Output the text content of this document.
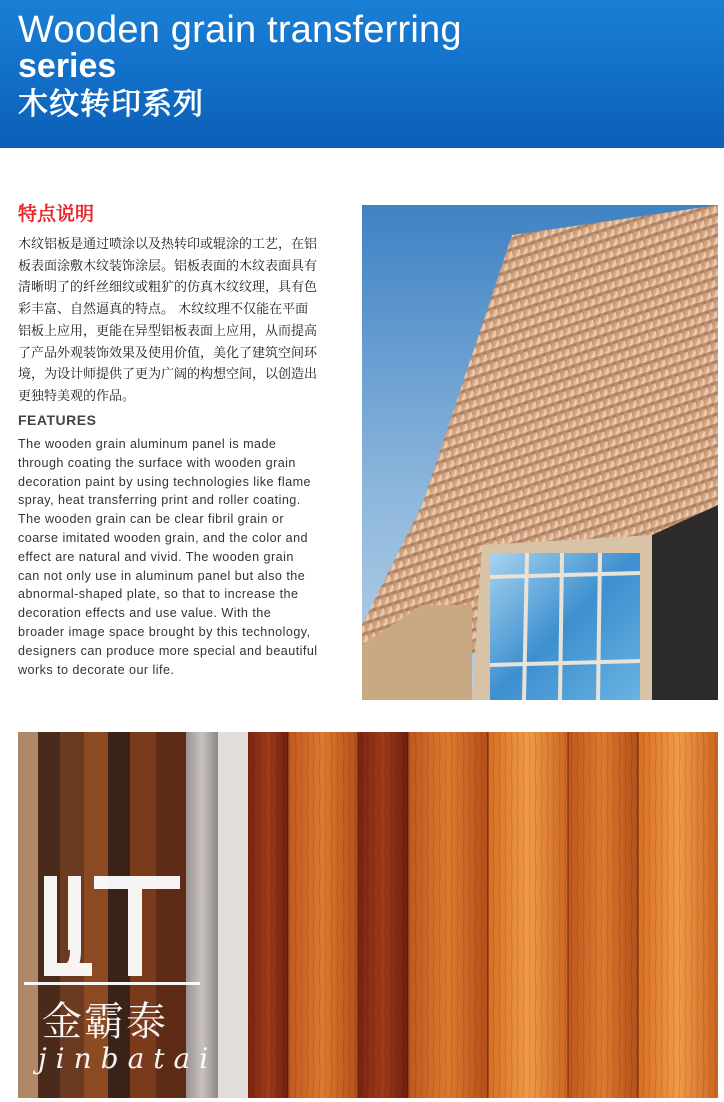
Wooden grain transferring
series
木纹转印系列
特点说明
木纹铝板是通过喷涂以及热转印或辊涂的工艺，在铝板表面涂敷木纹装饰涂层。铝板表面的木纹表面具有清晰明了的纤丝细纹或粗犷的仿真木纹纹理，具有色彩丰富、自然逼真的特点。 木纹纹理不仅能在平面铝板上应用，更能在异型铝板表面上应用，从而提高了产品外观装饰效果及使用价值，美化了建筑空间环境，为设计师提供了更为广阔的构想空间，以创造出更独特美观的作品。
FEATURES
The wooden grain aluminum panel is made through coating the surface with wooden grain decoration paint by using technologies like flame spray, heat transferring print and roller coating. The wooden grain can be clear fibril grain or coarse imitated wooden grain, and the color and effect are natural and vivid. The wooden grain can not only use in aluminum panel but also the abnormal-shaped plate, so that to increase the decoration effects and use value. With the broader image space brought by this technology, designers can produce more special and beautiful works to decorate our life.
金霸泰
jinbatai
